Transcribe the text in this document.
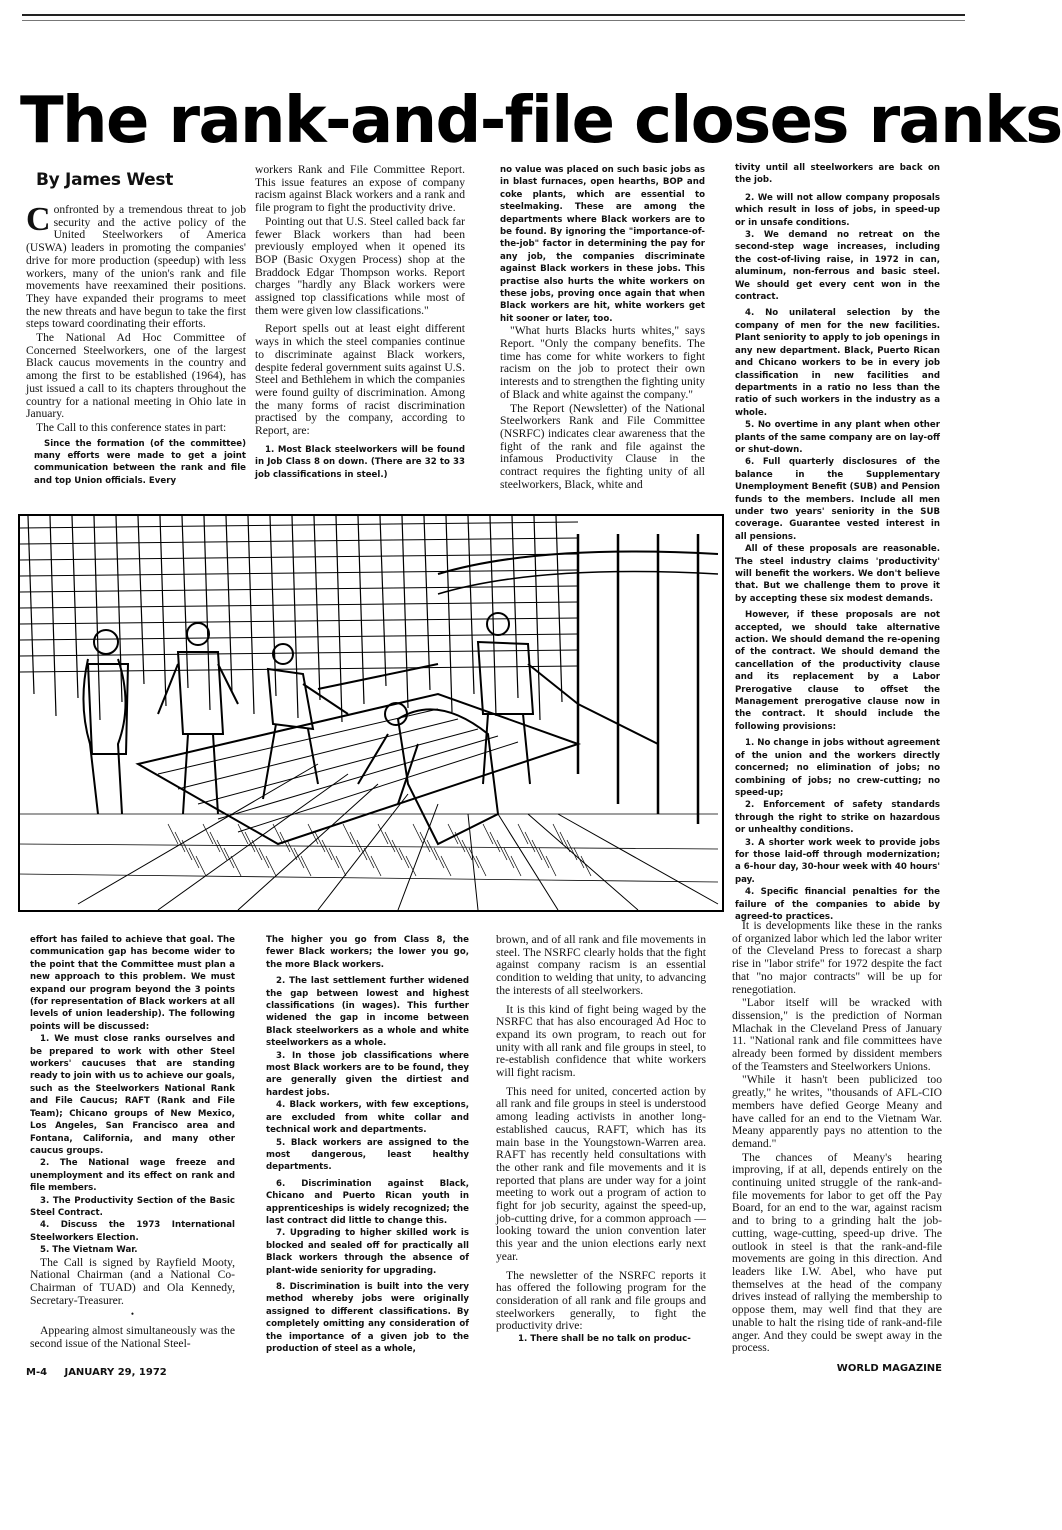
The rank-and-file closes ranks
By James West

Confronted by a tremendous threat to job security and the active policy of the United Steelworkers of America (USWA) leaders in promoting the companies' drive for more production (speedup) with less workers, many of the union's rank and file movements have reexamined their positions. They have expanded their programs to meet the new threats and have begun to take the first steps toward coordinating their efforts.

The National Ad Hoc Committee of Concerned Steelworkers, one of the largest Black caucus movements in the country and among the first to be established (1964), has just issued a call to its chapters throughout the country for a national meeting in Ohio late in January.

The Call to this conference states in part:

Since the formation (of the committee) many efforts were made to get a joint communication between the rank and file and top Union officials. Every

workers Rank and File Committee Report. This issue features an expose of company racism against Black workers and a rank and file program to fight the productivity drive.

Pointing out that U.S. Steel called back far fewer Black workers than had been previously employed when it opened its BOP (Basic Oxygen Process) shop at the Braddock Edgar Thompson works. Report charges "hardly any Black workers were assigned top classifications while most of them were given low classifications."

Report spells out at least eight different ways in which the steel companies continue to discriminate against Black workers, despite federal government suits against U.S. Steel and Bethlehem in which the companies were found guilty of discrimination. Among the many forms of racist discrimination practised by the company, according to Report, are:

1. Most Black steelworkers will be found in Job Class 8 on down. (There are 32 to 33 job classifications in steel.)

no value was placed on such basic jobs as in blast furnaces, open hearths, BOP and coke plants, which are essential to steelmaking. These are among the departments where Black workers are to be found. By ignoring the "importance-of-the-job" factor in determining the pay for any job, the companies discriminate against Black workers in these jobs. This practise also hurts the white workers on these jobs, proving once again that when Black workers are hit, white workers get hit sooner or later, too.

"What hurts Blacks hurts whites," says Report. "Only the company benefits. The time has come for white workers to fight racism on the job to protect their own interests and to strengthen the fighting unity of Black and white against the company."

The Report (Newsletter) of the National Steelworkers Rank and File Committee (NSRFC) indicates clear awareness that the fight of the rank and file against the infamous Productivity Clause in the contract requires the fighting unity of all steelworkers, Black, white and

tivity until all steelworkers are back on the job.

2. We will not allow company proposals which result in loss of jobs, in speed-up or in unsafe conditions.

3. We demand no retreat on the second-step wage increases, including the cost-of-living raise, in 1972 in can, aluminum, non-ferrous and basic steel. We should get every cent won in the contract.

4. No unilateral selection by the company of men for the new facilities. Plant seniority to apply to job openings in any new department. Black, Puerto Rican and Chicano workers to be in every job classification in new facilities and departments in a ratio no less than the ratio of such workers in the industry as a whole.

5. No overtime in any plant when other plants of the same company are on lay-off or shut-down.

6. Full quarterly disclosures of the balance in the Supplementary Unemployment Benefit (SUB) and Pension funds to the members. Include all men under two years' seniority in the SUB coverage. Guarantee vested interest in all pensions.

All of these proposals are reasonable. The steel industry claims 'productivity' will benefit the workers. We don't believe that. But we challenge them to prove it by accepting these six modest demands.

However, if these proposals are not accepted, we should take alternative action. We should demand the re-opening of the contract. We should demand the cancellation of the productivity clause and its replacement by a Labor Prerogative clause to offset the Management prerogative clause now in the contract. It should include the following provisions:

1. No change in jobs without agreement of the union and the workers directly concerned; no elimination of jobs; no combining of jobs; no crew-cutting; no speed-up;

2. Enforcement of safety standards through the right to strike on hazardous or unhealthy conditions.

3. A shorter work week to provide jobs for those laid-off through modernization; a 6-hour day, 30-hour week with 40 hours' pay.

4. Specific financial penalties for the failure of the companies to abide by agreed-to practices.

effort has failed to achieve that goal. The communication gap has become wider to the point that the Committee must plan a new approach to this problem. We must expand our program beyond the 3 points (for representation of Black workers at all levels of union leadership). The following points will be discussed:

1. We must close ranks ourselves and be prepared to work with other Steel workers' caucuses that are standing ready to join with us to achieve our goals, such as the Steelworkers National Rank and File Caucus; RAFT (Rank and File Team); Chicano groups of New Mexico, Los Angeles, San Francisco area and Fontana, California, and many other caucus groups.

2. The National wage freeze and unemployment and its effect on rank and file members.

3. The Productivity Section of the Basic Steel Contract.

4. Discuss the 1973 International Steelworkers Election.

5. The Vietnam War.

The Call is signed by Rayfield Mooty, National Chairman (and a National Co-Chairman of TUAD) and Ola Kennedy, Secretary-Treasurer.

•

Appearing almost simultaneously was the second issue of the National Steel-

The higher you go from Class 8, the fewer Black workers; the lower you go, the more Black workers.

2. The last settlement further widened the gap between lowest and highest classifications (in wages). This further widened the gap in income between Black steelworkers as a whole and white steelworkers as a whole.

3. In those job classifications where most Black workers are to be found, they are generally given the dirtiest and hardest jobs.

4. Black workers, with few exceptions, are excluded from white collar and technical work and departments.

5. Black workers are assigned to the most dangerous, least healthy departments.

6. Discrimination against Black, Chicano and Puerto Rican youth in apprenticeships is widely recognized; the last contract did little to change this.

7. Upgrading to higher skilled work is blocked and sealed off for practically all Black workers through the absence of plant-wide seniority for upgrading.

8. Discrimination is built into the very method whereby jobs were originally assigned to different classifications. By completely omitting any consideration of the importance of a given job to the production of steel as a whole,

brown, and of all rank and file movements in steel. The NSRFC clearly holds that the fight against company racism is an essential condition to welding that unity, to advancing the interests of all steelworkers.

It is this kind of fight being waged by the NSRFC that has also encouraged Ad Hoc to expand its own program, to reach out for unity with all rank and file groups in steel, to re-establish confidence that white workers will fight racism.

This need for united, concerted action by all rank and file groups in steel is understood among leading activists in another long-established caucus, RAFT, which has its main base in the Youngstown-Warren area. RAFT has recently held consultations with the other rank and file movements and it is reported that plans are under way for a joint meeting to work out a program of action to fight for job security, against the speed-up, job-cutting drive, for a common approach — looking toward the union convention later this year and the union elections early next year.

The newsletter of the NSRFC reports it has offered the following program for the consideration of all rank and file groups and steelworkers generally, to fight the productivity drive:

1. There shall be no talk on produc-

It is developments like these in the ranks of organized labor which led the labor writer of the Cleveland Press to forecast a sharp rise in "labor strife" for 1972 despite the fact that "no major contracts" will be up for renegotiation.

"Labor itself will be wracked with dissension," is the prediction of Norman Mlachak in the Cleveland Press of January 11. "National rank and file committees have already been formed by dissident members of the Teamsters and Steelworkers Unions.

"While it hasn't been publicized too greatly," he writes, "thousands of AFL-CIO members have defied George Meany and have called for an end to the Vietnam War. Meany apparently pays no attention to the demand."

The chances of Meany's hearing improving, if at all, depends entirely on the continuing united struggle of the rank-and-file movements for labor to get off the Pay Board, for an end to the war, against racism and to bring to a grinding halt the job-cutting, wage-cutting, speed-up drive. The outlook in steel is that the rank-and-file movements are going in this direction. And leaders like I.W. Abel, who have put themselves at the head of the company drives instead of rallying the membership to oppose them, may well find that they are unable to halt the rising tide of rank-and-file anger. And they could be swept away in the process.

M-4     JANUARY 29, 1972	WORLD MAGAZINE
